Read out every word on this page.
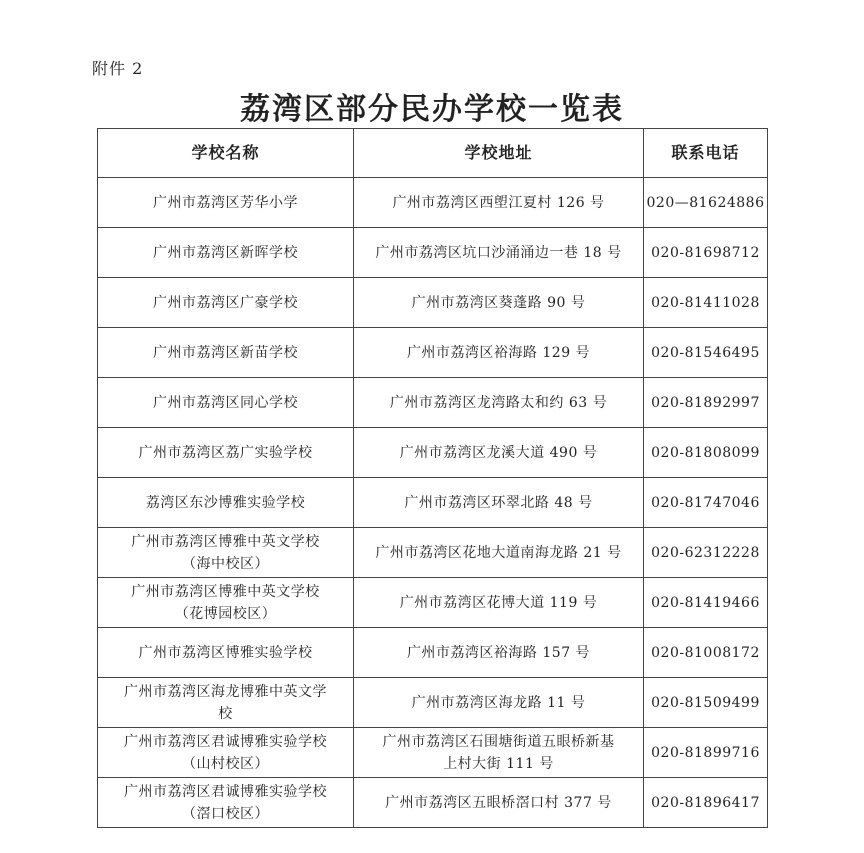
附件 2
荔湾区部分民办学校一览表
学校名称	学校地址	联系电话

广州市荔湾区芳华小学	广州市荔湾区西塱江夏村 126 号	020—81624886

广州市荔湾区新晖学校	广州市荔湾区坑口沙涌涌边一巷 18 号	020-81698712

广州市荔湾区广豪学校	广州市荔湾区葵蓬路 90 号	020-81411028

广州市荔湾区新苗学校	广州市荔湾区裕海路 129 号	020-81546495

广州市荔湾区同心学校	广州市荔湾区龙湾路太和约 63 号	020-81892997

广州市荔湾区荔广实验学校	广州市荔湾区龙溪大道 490 号	020-81808099

荔湾区东沙博雅实验学校	广州市荔湾区环翠北路 48 号	020-81747046

广州市荔湾区博雅中英文学校
（海中校区）	广州市荔湾区花地大道南海龙路 21 号	020-62312228

广州市荔湾区博雅中英文学校
（花博园校区）	广州市荔湾区花博大道 119 号	020-81419466

广州市荔湾区博雅实验学校	广州市荔湾区裕海路 157 号	020-81008172

广州市荔湾区海龙博雅中英文学
校	广州市荔湾区海龙路 11 号	020-81509499

广州市荔湾区君诚博雅实验学校
（山村校区）	广州市荔湾区石围塘街道五眼桥新基
上村大街 111 号	020-81899716

广州市荔湾区君诚博雅实验学校
（滘口校区）	广州市荔湾区五眼桥滘口村 377 号	020-81896417
